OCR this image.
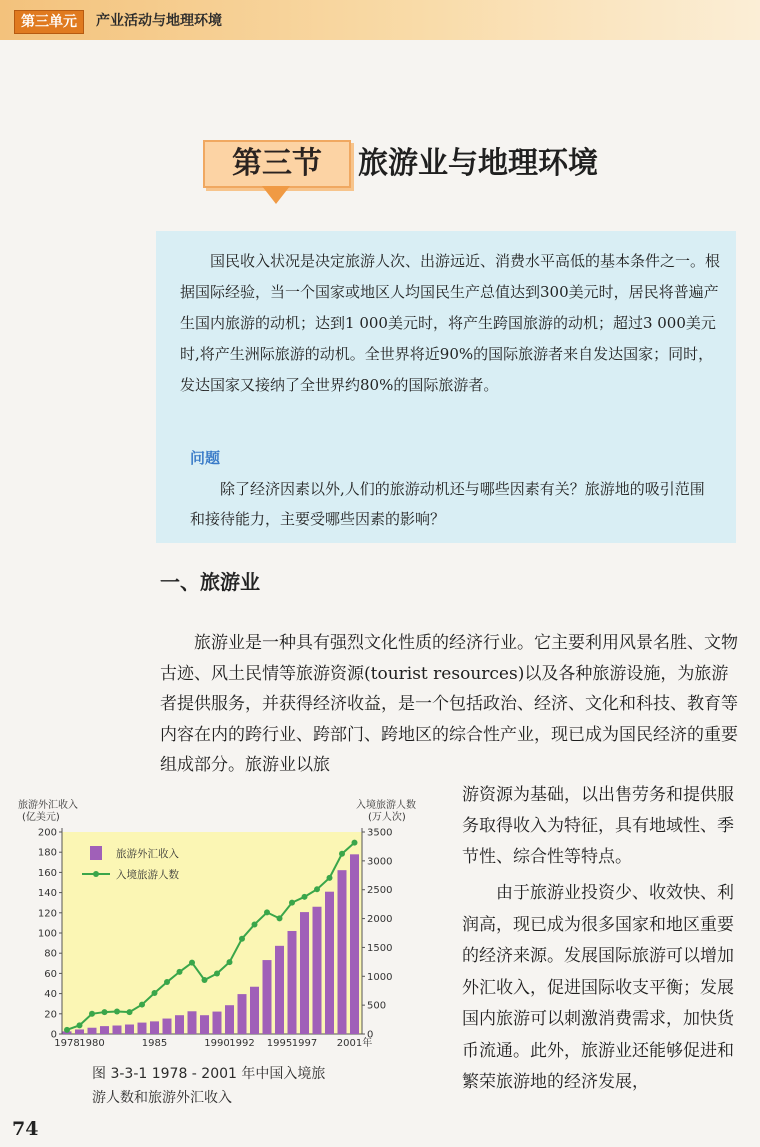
第三单元	产业活动与地理环境
第三节	旅游业与地理环境
国民收入状况是决定旅游人次、出游远近、消费水平高低的基本条件之一。根据国际经验，当一个国家或地区人均国民生产总值达到300美元时，居民将普遍产生国内旅游的动机；达到1 000美元时，将产生跨国旅游的动机；超过3 000美元时,将产生洲际旅游的动机。全世界将近90%的国际旅游者来自发达国家；同时，发达国家又接纳了全世界约80%的国际旅游者。
问题
除了经济因素以外,人们的旅游动机还与哪些因素有关？旅游地的吸引范围和接待能力，主要受哪些因素的影响？
一、旅游业
旅游业是一种具有强烈文化性质的经济行业。它主要利用风景名胜、文物古迹、风土民情等旅游资源(tourist resources)以及各种旅游设施，为旅游者提供服务，并获得经济收益，是一个包括政治、经济、文化和科技、教育等内容在内的跨行业、跨部门、跨地区的综合性产业，现已成为国民经济的重要组成部分。旅游业以旅
游资源为基础，以出售劳务和提供服务取得收入为特征，具有地域性、季节性、综合性等特点。
由于旅游业投资少、收效快、利润高，现已成为很多国家和地区重要的经济来源。发展国际旅游可以增加外汇收入，促进国际收支平衡；发展国内旅游可以刺激消费需求，加快货币流通。此外，旅游业还能够促进和繁荣旅游地的经济发展，
旅游外汇收入
(亿美元)
入境旅游人数
(万人次)
0
20
40
60
80
100
120
140
160
180
200
0
500
1000
1500
2000
2500
3000
3500
1978 1980	1985	1990 1992 1995 1997 2001年
旅游外汇收入
入境旅游人数
图 3-3-1 1978 - 2001 年中国入境旅游人数和旅游外汇收入
74
